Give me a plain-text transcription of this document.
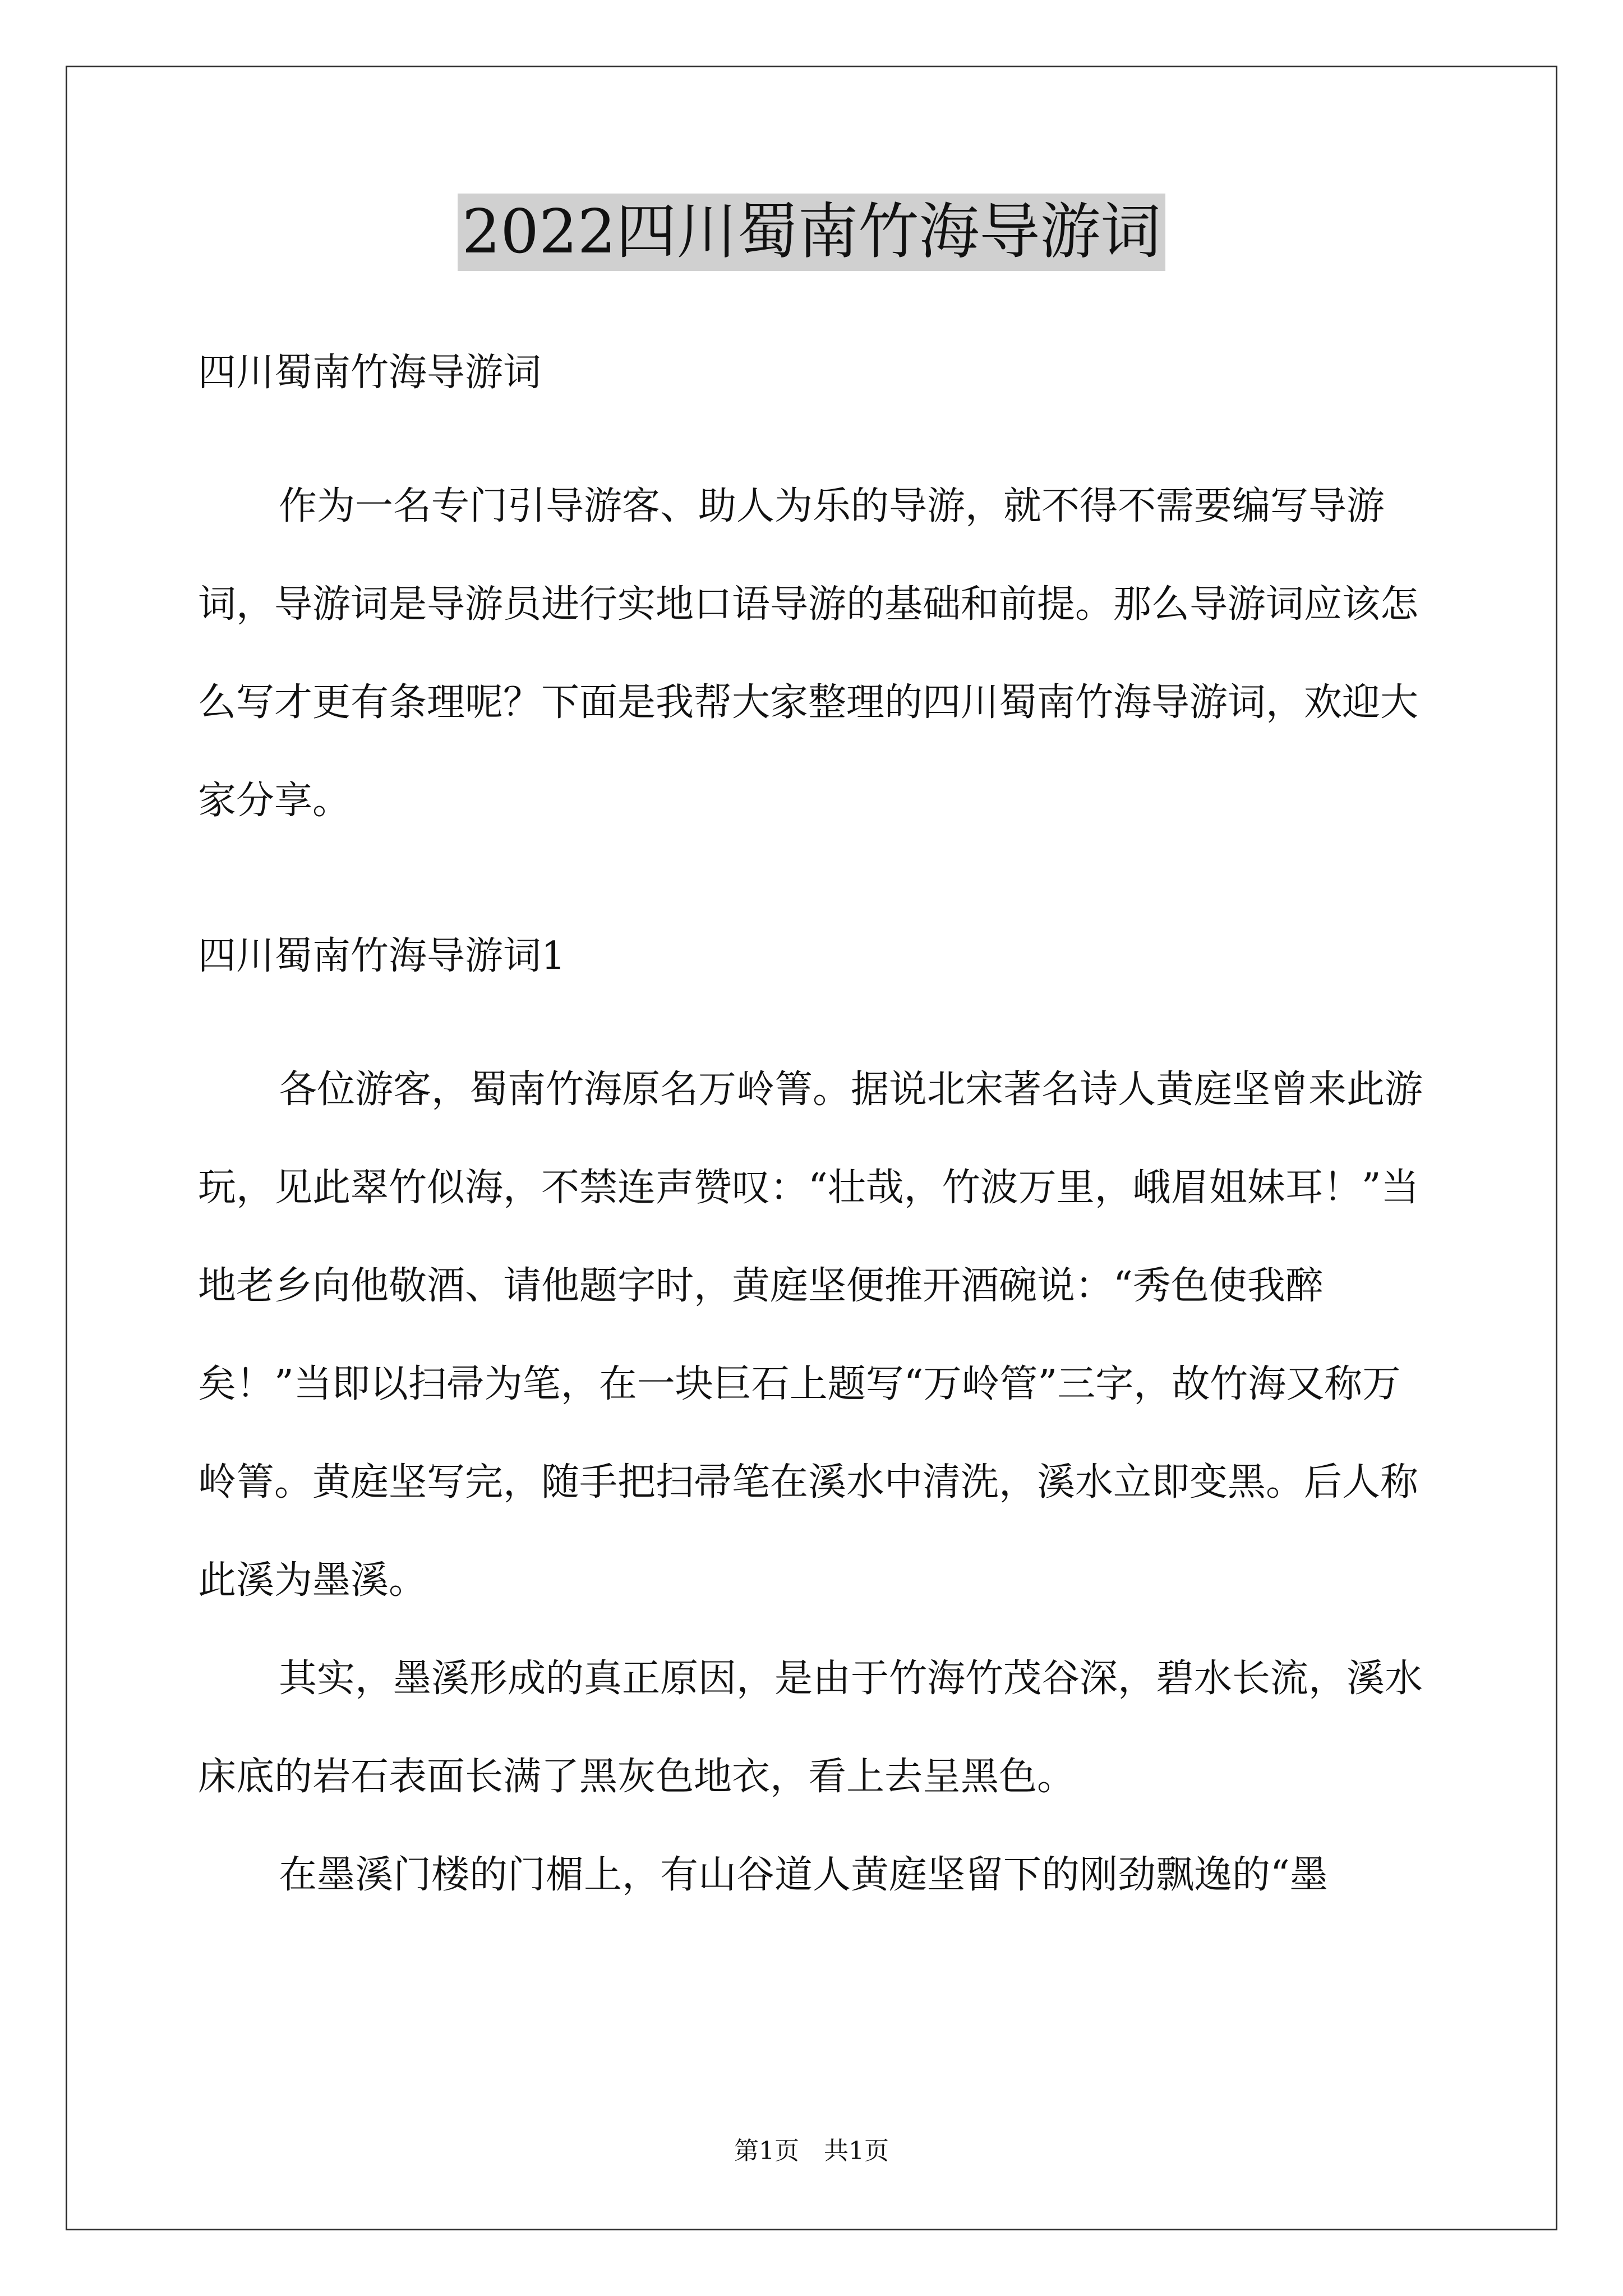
2022四川蜀南竹海导游词

四川蜀南竹海导游词

作为一名专门引导游客、助人为乐的导游，就不得不需要编写导游词，导游词是导游员进行实地口语导游的基础和前提。那么导游词应该怎么写才更有条理呢？下面是我帮大家整理的四川蜀南竹海导游词，欢迎大家分享。

四川蜀南竹海导游词1

各位游客，蜀南竹海原名万岭箐。据说北宋著名诗人黄庭坚曾来此游玩，见此翠竹似海，不禁连声赞叹：“壮哉，竹波万里，峨眉姐妹耳！”当地老乡向他敬酒、请他题字时，黄庭坚便推开酒碗说：“秀色使我醉矣！”当即以扫帚为笔，在一块巨石上题写“万岭管”三字，故竹海又称万岭箐。黄庭坚写完，随手把扫帚笔在溪水中清洗，溪水立即变黑。后人称此溪为墨溪。

其实，墨溪形成的真正原因，是由于竹海竹茂谷深，碧水长流，溪水床底的岩石表面长满了黑灰色地衣，看上去呈黑色。

在墨溪门楼的门楣上，有山谷道人黄庭坚留下的刚劲飘逸的“墨

第1页　共1页
